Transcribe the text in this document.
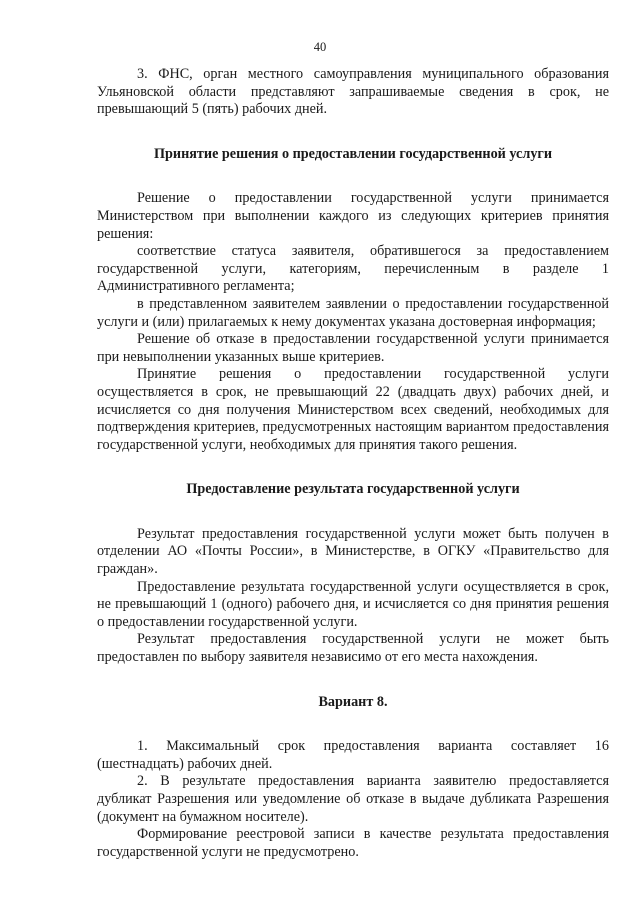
40

3. ФНС, орган местного самоуправления муниципального образования Ульяновской области представляют запрашиваемые сведения в срок, не превышающий 5 (пять) рабочих дней.

Принятие решения о предоставлении государственной услуги

Решение о предоставлении государственной услуги принимается Министерством при выполнении каждого из следующих критериев принятия решения:

соответствие статуса заявителя, обратившегося за предоставлением государственной услуги, категориям, перечисленным в разделе 1 Административного регламента;

в представленном заявителем заявлении о предоставлении государственной услуги и (или) прилагаемых к нему документах указана достоверная информация;

Решение об отказе в предоставлении государственной услуги принимается при невыполнении указанных выше критериев.

Принятие решения о предоставлении государственной услуги осуществляется в срок, не превышающий 22 (двадцать двух) рабочих дней, и исчисляется со дня получения Министерством всех сведений, необходимых для подтверждения критериев, предусмотренных настоящим вариантом предоставления государственной услуги, необходимых для принятия такого решения.

Предоставление результата государственной услуги

Результат предоставления государственной услуги может быть получен в отделении АО «Почты России», в Министерстве, в ОГКУ «Правительство для граждан».

Предоставление результата государственной услуги осуществляется в срок, не превышающий 1 (одного) рабочего дня, и исчисляется со дня принятия решения о предоставлении государственной услуги.

Результат предоставления государственной услуги не может быть предоставлен по выбору заявителя независимо от его места нахождения.

Вариант 8.

1. Максимальный срок предоставления варианта составляет 16 (шестнадцать) рабочих дней.

2. В результате предоставления варианта заявителю предоставляется дубликат Разрешения или уведомление об отказе в выдаче дубликата Разрешения (документ на бумажном носителе).

Формирование реестровой записи в качестве результата предоставления государственной услуги не предусмотрено.
